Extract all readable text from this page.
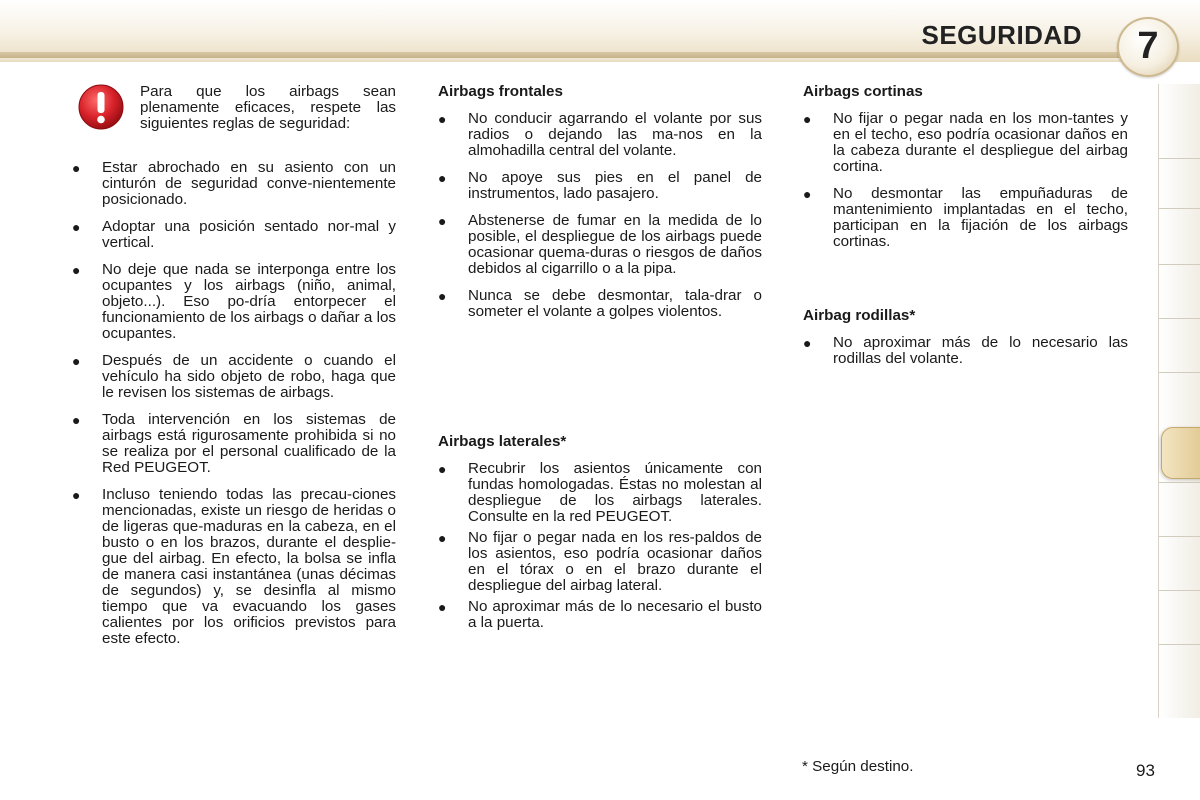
SEGURIDAD	7
Para que los airbags sean plenamente eficaces, respete las siguientes reglas de seguridad:
● Estar abrochado en su asiento con un cinturón de seguridad conve-nientemente posicionado.
● Adoptar una posición sentado nor-mal y vertical.
● No deje que nada se interponga entre los ocupantes y los airbags (niño, animal, objeto...). Eso po-dría entorpecer el funcionamiento de los airbags o dañar a los ocupantes.
● Después de un accidente o cuando el vehículo ha sido objeto de robo, haga que le revisen los sistemas de airbags.
● Toda intervención en los sistemas de airbags está rigurosamente prohibida si no se realiza por el personal cualificado de la Red PEUGEOT.
● Incluso teniendo todas las precau-ciones mencionadas, existe un riesgo de heridas o de ligeras que-maduras en la cabeza, en el busto o en los brazos, durante el desplie-gue del airbag. En efecto, la bolsa se infla de manera casi instantánea (unas décimas de segundos) y, se desinfla al mismo tiempo que va evacuando los gases calientes por los orificios previstos para este efecto.
Airbags frontales
● No conducir agarrando el volante por sus radios o dejando las ma-nos en la almohadilla central del volante.
● No apoye sus pies en el panel de instrumentos, lado pasajero.
● Abstenerse de fumar en la medida de lo posible, el despliegue de los airbags puede ocasionar quema-duras o riesgos de daños debidos al cigarrillo o a la pipa.
● Nunca se debe desmontar, tala-drar o someter el volante a golpes violentos.
Airbags laterales*
● Recubrir los asientos únicamente con fundas homologadas. Éstas no molestan al despliegue de los airbags laterales. Consulte en la red PEUGEOT.
● No fijar o pegar nada en los res-paldos de los asientos, eso podría ocasionar daños en el tórax o en el brazo durante el despliegue del airbag lateral.
● No aproximar más de lo necesario el busto a la puerta.
Airbags cortinas
● No fijar o pegar nada en los mon-tantes y en el techo, eso podría ocasionar daños en la cabeza durante el despliegue del airbag cortina.
● No desmontar las empuñaduras de mantenimiento implantadas en el techo, participan en la fijación de los airbags cortinas.
Airbag rodillas*
● No aproximar más de lo necesario las rodillas del volante.
* Según destino.	93
